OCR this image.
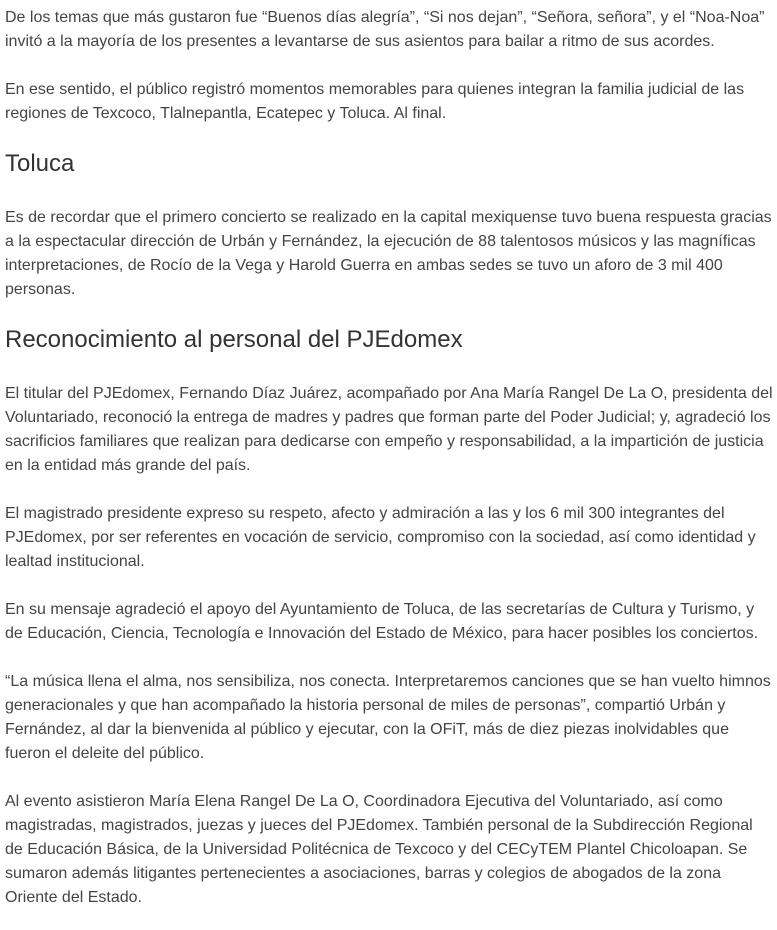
De los temas que más gustaron fue “Buenos días alegría”, “Si nos dejan”, “Señora, señora”, y el “Noa-Noa” invitó a la mayoría de los presentes a levantarse de sus asientos para bailar a ritmo de sus acordes.

En ese sentido, el público registró momentos memorables para quienes integran la familia judicial de las regiones de Texcoco, Tlalnepantla, Ecatepec y Toluca. Al final.

Toluca

Es de recordar que el primero concierto se realizado en la capital mexiquense tuvo buena respuesta gracias a la espectacular dirección de Urbán y Fernández, la ejecución de 88 talentosos músicos y las magníficas interpretaciones, de Rocío de la Vega y Harold Guerra en ambas sedes se tuvo un aforo de 3 mil 400 personas.

Reconocimiento al personal del PJEdomex

El titular del PJEdomex, Fernando Díaz Juárez, acompañado por Ana María Rangel De La O, presidenta del Voluntariado, reconoció la entrega de madres y padres que forman parte del Poder Judicial; y, agradeció los sacrificios familiares que realizan para dedicarse con empeño y responsabilidad, a la impartición de justicia en la entidad más grande del país.

El magistrado presidente expreso su respeto, afecto y admiración a las y los 6 mil 300 integrantes del PJEdomex, por ser referentes en vocación de servicio, compromiso con la sociedad, así como identidad y lealtad institucional.

En su mensaje agradeció el apoyo del Ayuntamiento de Toluca, de las secretarías de Cultura y Turismo, y de Educación, Ciencia, Tecnología e Innovación del Estado de México, para hacer posibles los conciertos.

“La música llena el alma, nos sensibiliza, nos conecta. Interpretaremos canciones que se han vuelto himnos generacionales y que han acompañado la historia personal de miles de personas”, compartió Urbán y Fernández, al dar la bienvenida al público y ejecutar, con la OFiT, más de diez piezas inolvidables que fueron el deleite del público.

Al evento asistieron María Elena Rangel De La O, Coordinadora Ejecutiva del Voluntariado, así como magistradas, magistrados, juezas y jueces del PJEdomex. También personal de la Subdirección Regional de Educación Básica, de la Universidad Politécnica de Texcoco y del CECyTEM Plantel Chicoloapan. Se sumaron además litigantes pertenecientes a asociaciones, barras y colegios de abogados de la zona Oriente del Estado.
